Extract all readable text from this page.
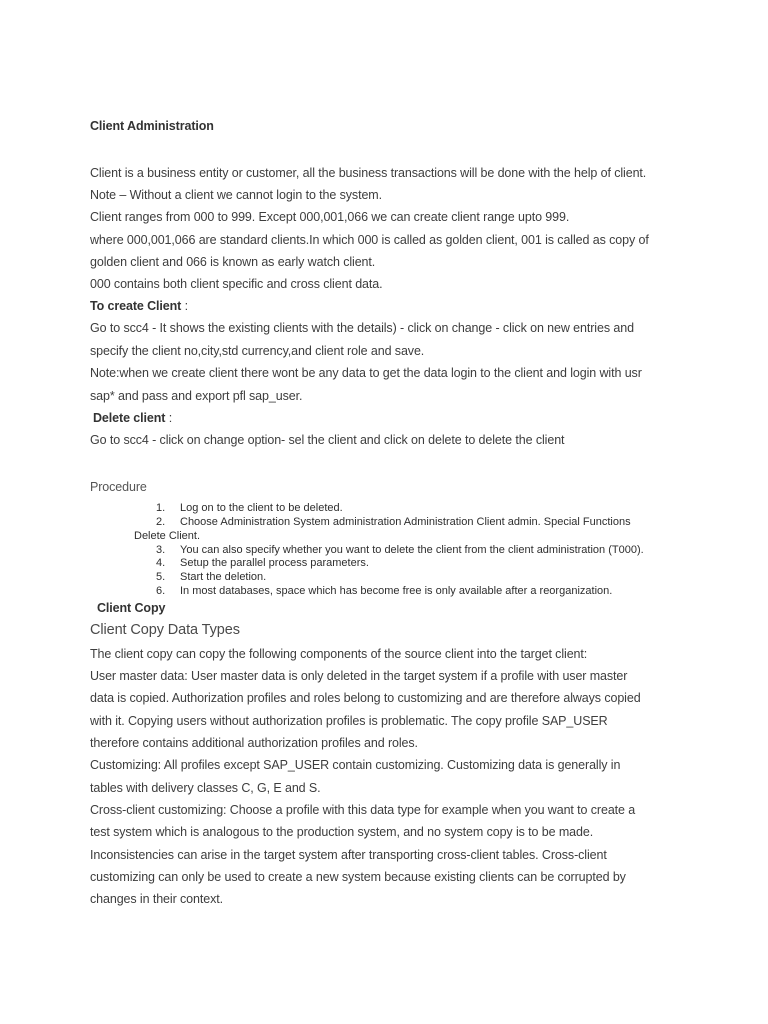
Client Administration
Client is a business entity or customer, all the business transactions will be done with the help of client.
Note – Without a client we cannot login to the system.
Client ranges from 000 to 999. Except 000,001,066 we can create client range upto 999.
where 000,001,066 are standard clients.In which 000 is called as golden client, 001 is called as copy of
golden client and 066 is known as early watch client.
000 contains both client specific and cross client data.
To create Client :
Go to scc4 - It shows the existing clients with the details) - click on change - click on new entries and
specify the client no,city,std currency,and client role and save.
Note:when we create client there wont be any data to get the data login to the client and login with usr
sap* and pass and export pfl sap_user.
Delete client :
Go to scc4 - click on change option- sel the client and click on delete to delete the client
Procedure
1. Log on to the client to be deleted.
2. Choose Administration System administration Administration Client admin. Special Functions
Delete Client.
3. You can also specify whether you want to delete the client from the client administration (T000).
4. Setup the parallel process parameters.
5. Start the deletion.
6. In most databases, space which has become free is only available after a reorganization.
Client Copy
Client Copy Data Types
The client copy can copy the following components of the source client into the target client:
User master data: User master data is only deleted in the target system if a profile with user master
data is copied. Authorization profiles and roles belong to customizing and are therefore always copied
with it. Copying users without authorization profiles is problematic. The copy profile SAP_USER
therefore contains additional authorization profiles and roles.
Customizing: All profiles except SAP_USER contain customizing. Customizing data is generally in
tables with delivery classes C, G, E and S.
Cross-client customizing: Choose a profile with this data type for example when you want to create a
test system which is analogous to the production system, and no system copy is to be made.
Inconsistencies can arise in the target system after transporting cross-client tables. Cross-client
customizing can only be used to create a new system because existing clients can be corrupted by
changes in their context.
